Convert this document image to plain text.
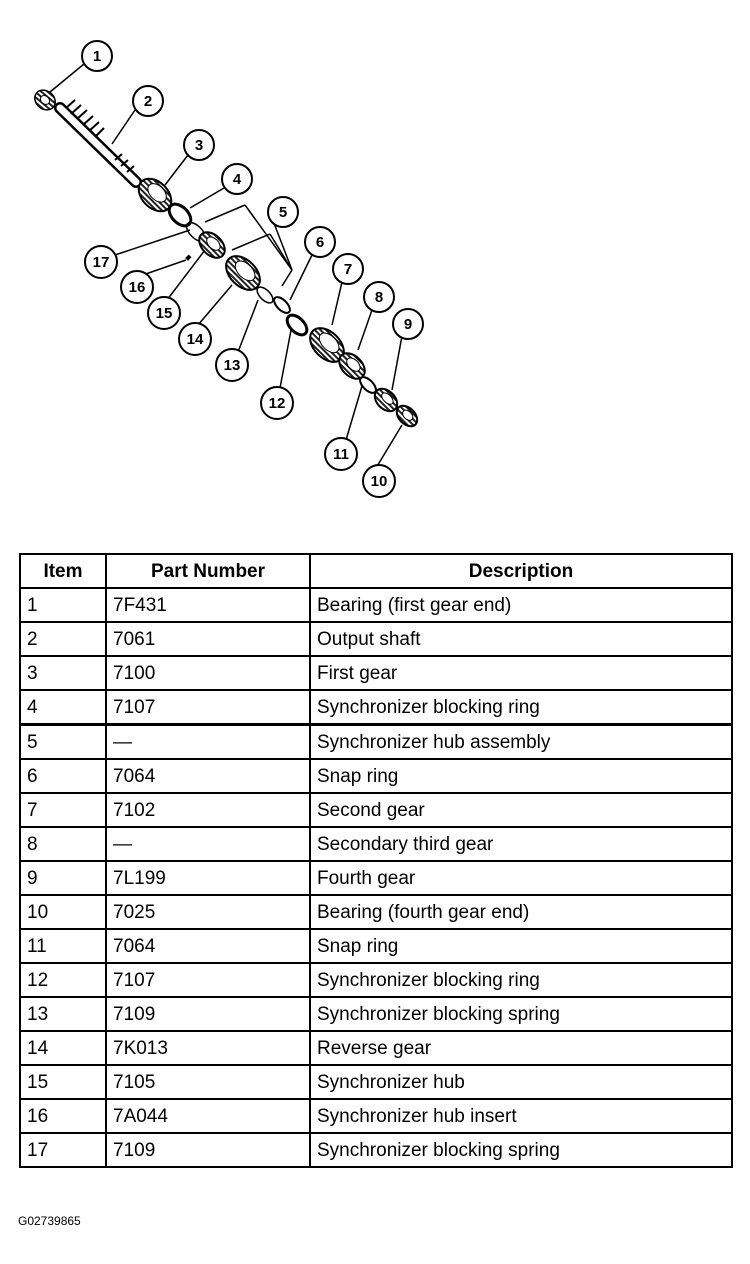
1
2
3
4
5
6
7
8
9
10
11
12
13
14
15
16
17
Item	Part Number	Description
1	7F431	Bearing (first gear end)
2	7061	Output shaft
3	7100	First gear
4	7107	Synchronizer blocking ring
5	—	Synchronizer hub assembly
6	7064	Snap ring
7	7102	Second gear
8	—	Secondary third gear
9	7L199	Fourth gear
10	7025	Bearing (fourth gear end)
11	7064	Snap ring
12	7107	Synchronizer blocking ring
13	7109	Synchronizer blocking spring
14	7K013	Reverse gear
15	7105	Synchronizer hub
16	7A044	Synchronizer hub insert
17	7109	Synchronizer blocking spring
G02739865
